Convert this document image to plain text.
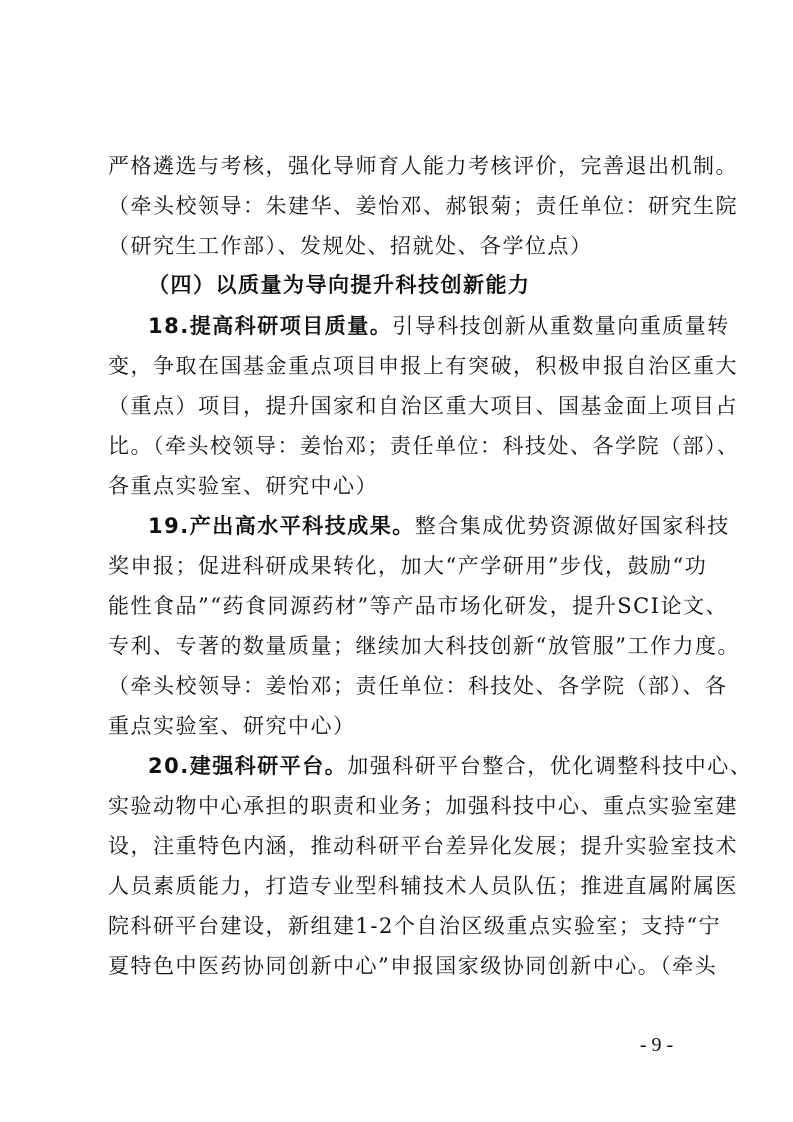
严格遴选与考核，强化导师育人能力考核评价，完善退出机制。
（牵头校领导：朱建华、姜怡邓、郝银菊；责任单位：研究生院
（研究生工作部）、发规处、招就处、各学位点）
（四）以质量为导向提升科技创新能力
18.提高科研项目质量。引导科技创新从重数量向重质量转
变，争取在国基金重点项目申报上有突破，积极申报自治区重大
（重点）项目，提升国家和自治区重大项目、国基金面上项目占
比。（牵头校领导：姜怡邓；责任单位：科技处、各学院（部）、
各重点实验室、研究中心）
19.产出高水平科技成果。整合集成优势资源做好国家科技
奖申报；促进科研成果转化，加大“产学研用”步伐，鼓励“功
能性食品”“药食同源药材”等产品市场化研发，提升SCI论文、
专利、专著的数量质量；继续加大科技创新“放管服”工作力度。
（牵头校领导：姜怡邓；责任单位：科技处、各学院（部）、各
重点实验室、研究中心）
20.建强科研平台。加强科研平台整合，优化调整科技中心、
实验动物中心承担的职责和业务；加强科技中心、重点实验室建
设，注重特色内涵，推动科研平台差异化发展；提升实验室技术
人员素质能力，打造专业型科辅技术人员队伍；推进直属附属医
院科研平台建设，新组建1-2个自治区级重点实验室；支持“宁
夏特色中医药协同创新中心”申报国家级协同创新中心。（牵头
- 9 -
